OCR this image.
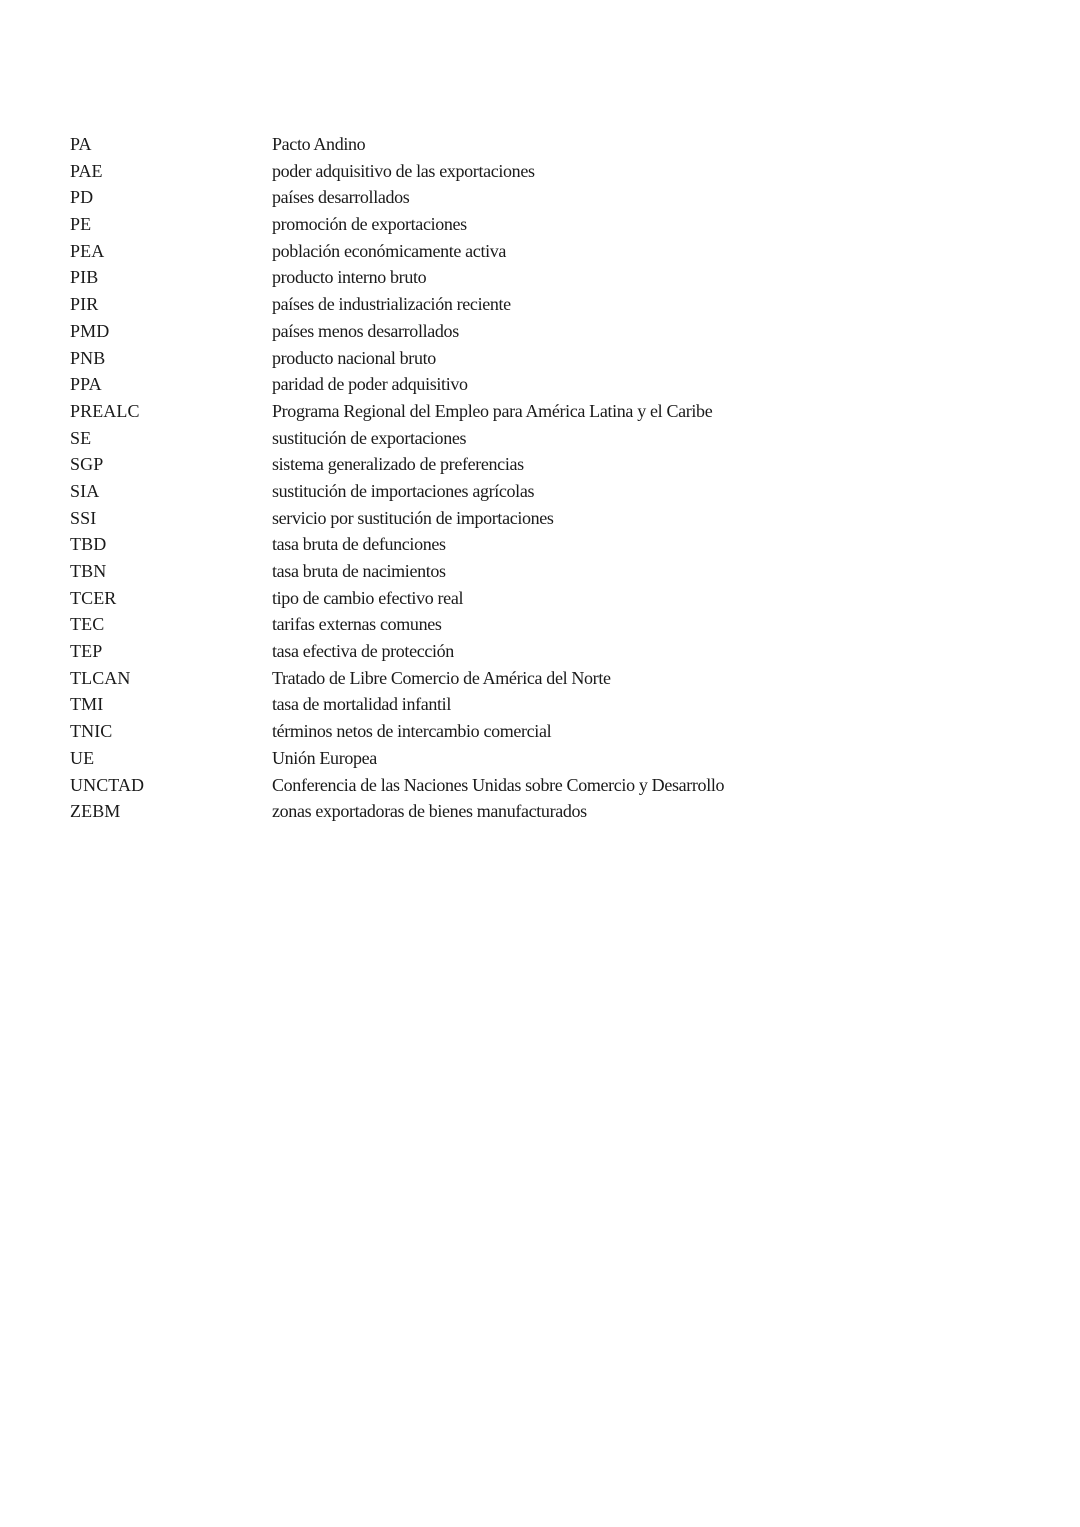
PA	Pacto Andino
PAE	poder adquisitivo de las exportaciones
PD	países desarrollados
PE	promoción de exportaciones
PEA	población económicamente activa
PIB	producto interno bruto
PIR	países de industrialización reciente
PMD	países menos desarrollados
PNB	producto nacional bruto
PPA	paridad de poder adquisitivo
PREALC	Programa Regional del Empleo para América Latina y el Caribe
SE	sustitución de exportaciones
SGP	sistema generalizado de preferencias
SIA	sustitución de importaciones agrícolas
SSI	servicio por sustitución de importaciones
TBD	tasa bruta de defunciones
TBN	tasa bruta de nacimientos
TCER	tipo de cambio efectivo real
TEC	tarifas externas comunes
TEP	tasa efectiva de protección
TLCAN	Tratado de Libre Comercio de América del Norte
TMI	tasa de mortalidad infantil
TNIC	términos netos de intercambio comercial
UE	Unión Europea
UNCTAD	Conferencia de las Naciones Unidas sobre Comercio y Desarrollo
ZEBM	zonas exportadoras de bienes manufacturados
